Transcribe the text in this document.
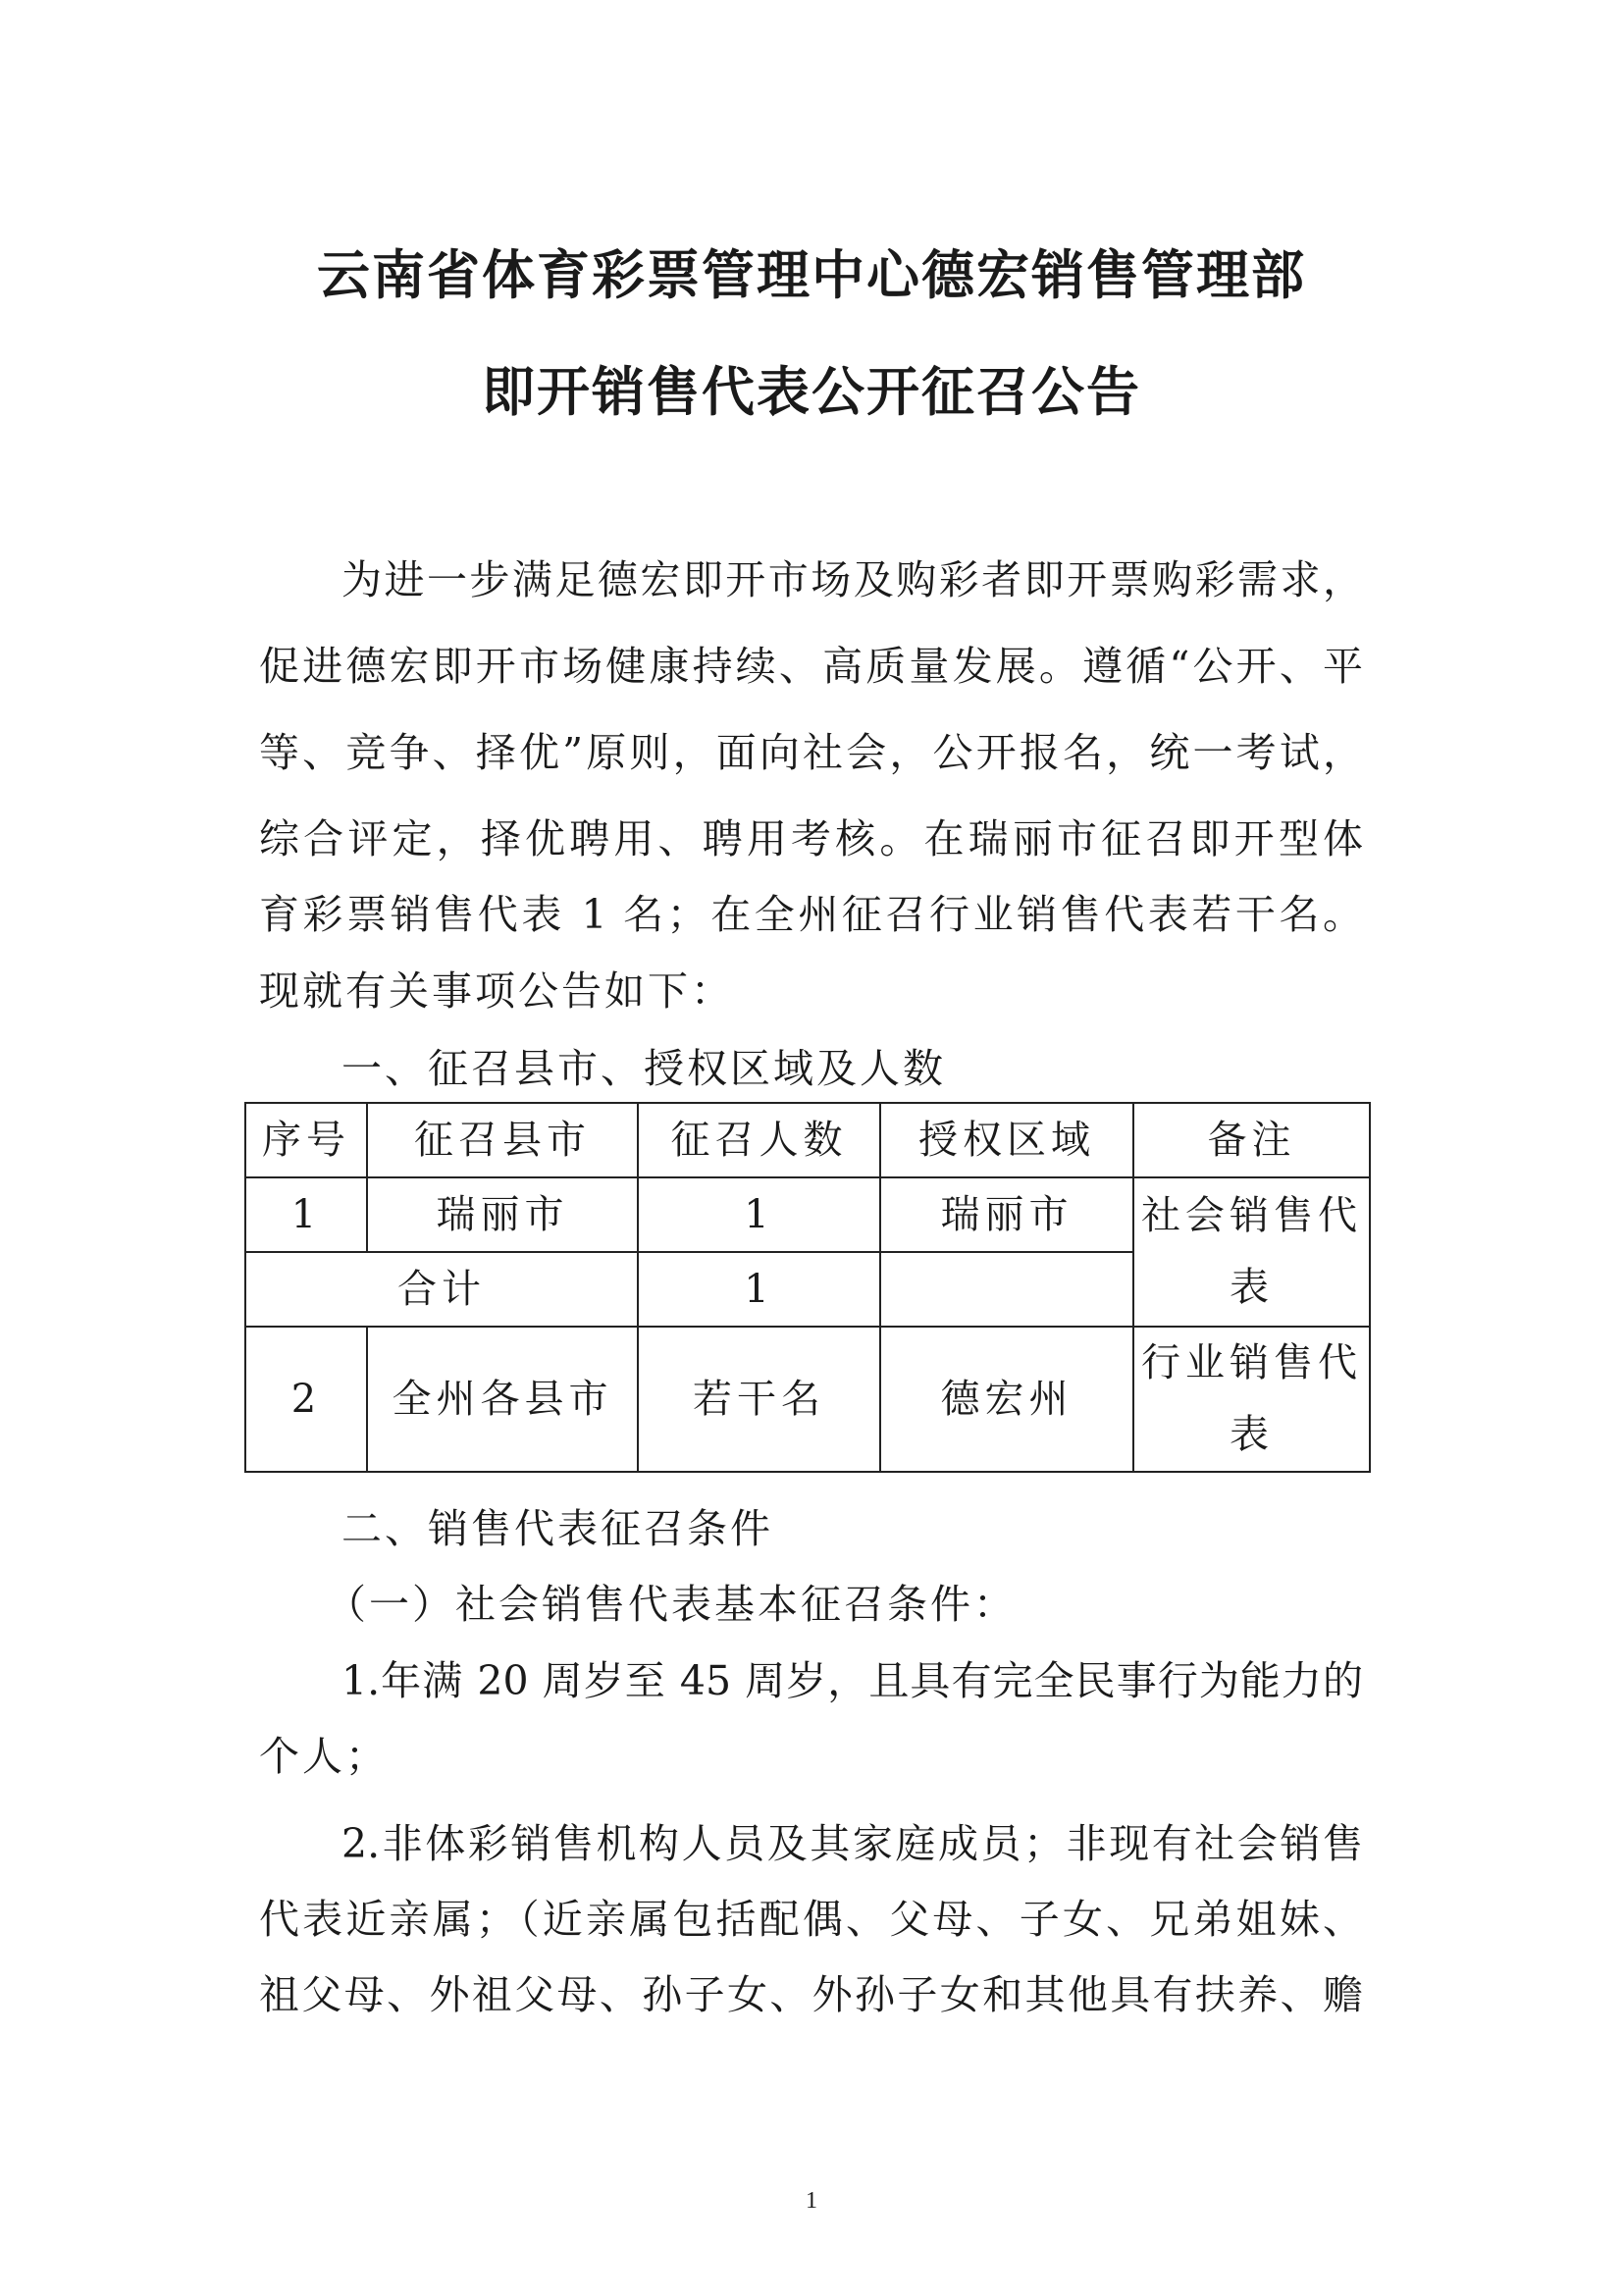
云南省体育彩票管理中心德宏销售管理部
即开销售代表公开征召公告
为进一步满足德宏即开市场及购彩者即开票购彩需求，
促进德宏即开市场健康持续、高质量发展。遵循“公开、平
等、竞争、择优”原则，面向社会，公开报名，统一考试，
综合评定，择优聘用、聘用考核。在瑞丽市征召即开型体
育彩票销售代表 1 名；在全州征召行业销售代表若干名。
现就有关事项公告如下：
一、征召县市、授权区域及人数
序号	征召县市	征召人数	授权区域	备注
1	瑞丽市	1	瑞丽市	社会销售代表
合计		1		
2	全州各县市	若干名	德宏州	行业销售代表
二、销售代表征召条件
（一）社会销售代表基本征召条件：
1.年满 20 周岁至 45 周岁，且具有完全民事行为能力的
个人；
2.非体彩销售机构人员及其家庭成员；非现有社会销售
代表近亲属；（近亲属包括配偶、父母、子女、兄弟姐妹、
祖父母、外祖父母、孙子女、外孙子女和其他具有扶养、赡
1
